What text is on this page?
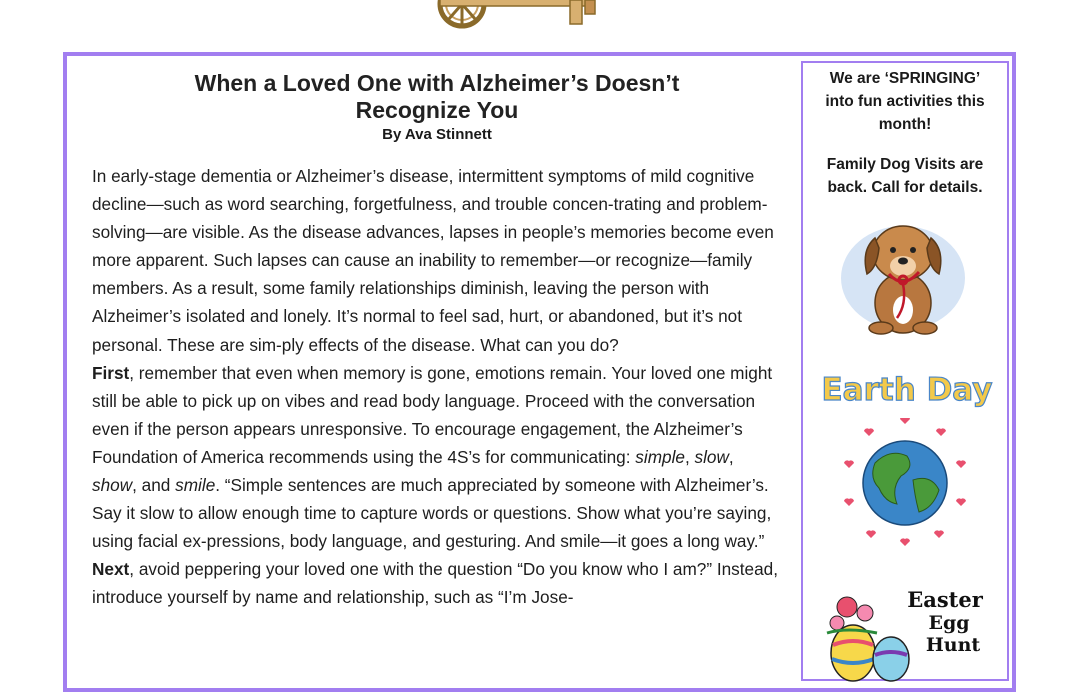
When a Loved One with Alzheimer’s Doesn’t
Recognize You
By Ava Stinnett

In early-stage dementia or Alzheimer’s disease, intermittent symptoms of mild cognitive decline—such as word searching, forgetfulness, and trouble concen-trating and problem-solving—are visible. As the disease advances, lapses in people’s memories become even more apparent. Such lapses can cause an inability to remember—or recognize—family members. As a result, some family relationships diminish, leaving the person with Alzheimer’s isolated and lonely. It’s normal to feel sad, hurt, or abandoned, but it’s not personal. These are sim-ply effects of the disease. What can you do?

First, remember that even when memory is gone, emotions remain. Your loved one might still be able to pick up on vibes and read body language. Proceed with the conversation even if the person appears unresponsive. To encourage engagement, the Alzheimer’s Foundation of America recommends using the 4S’s for communicating: simple, slow, show, and smile. “Simple sentences are much appreciated by someone with Alzheimer’s. Say it slow to allow enough time to capture words or questions. Show what you’re saying, using facial ex-pressions, body language, and gesturing. And smile—it goes a long way.”

Next, avoid peppering your loved one with the question “Do you know who I am?” Instead, introduce yourself by name and relationship, such as “I’m Jose-

We are ‘SPRINGING’
into fun activities this
month!
Family Dog Visits are
back. Call for details.
Earth Day
Easter
Egg
Hunt
